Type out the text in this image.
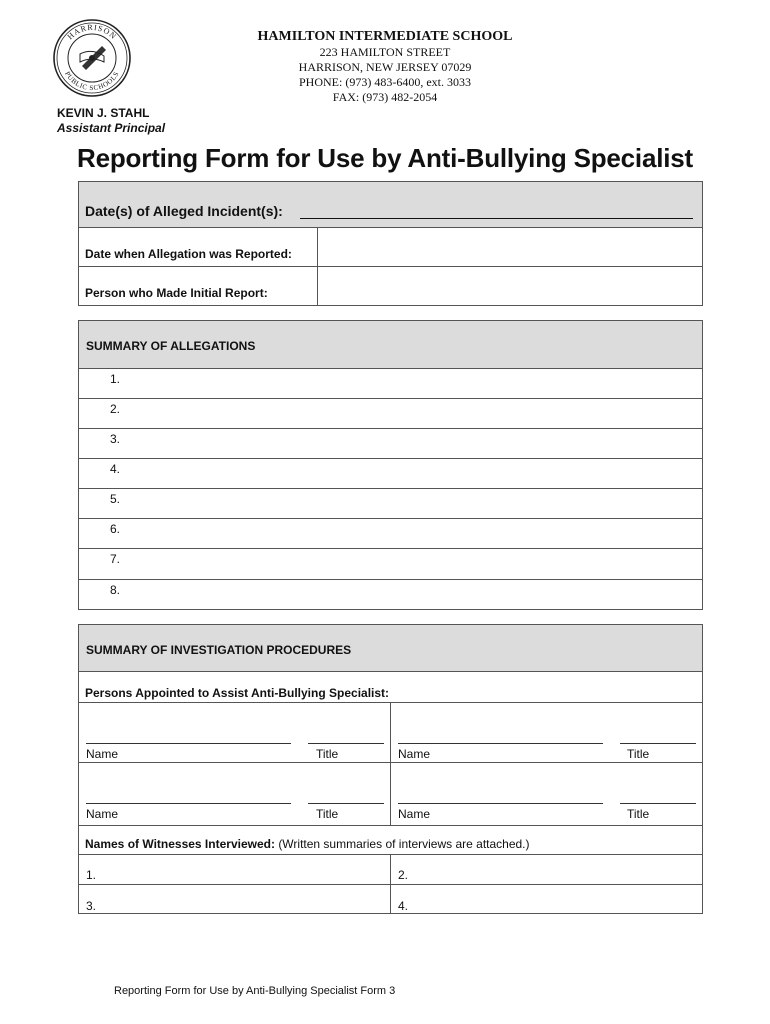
HARRISON
PUBLIC SCHOOLS
HAMILTON INTERMEDIATE SCHOOL
223 HAMILTON STREET
HARRISON, NEW JERSEY 07029
PHONE: (973) 483-6400, ext. 3033
FAX: (973) 482-2054
KEVIN J. STAHL
Assistant Principal
Reporting Form for Use by Anti-Bullying Specialist
Date(s) of Alleged Incident(s):
Date when Allegation was Reported:
Person who Made Initial Report:
SUMMARY OF ALLEGATIONS
1.
2.
3.
4.
5.
6.
7.
8.
SUMMARY OF INVESTIGATION PROCEDURES
Persons Appointed to Assist Anti-Bullying Specialist:
Name	Title	Name	Title
Name	Title	Name	Title
Names of Witnesses Interviewed: (Written summaries of interviews are attached.)
1.	2.
3.	4.
Reporting Form for Use by Anti-Bullying Specialist Form 3
